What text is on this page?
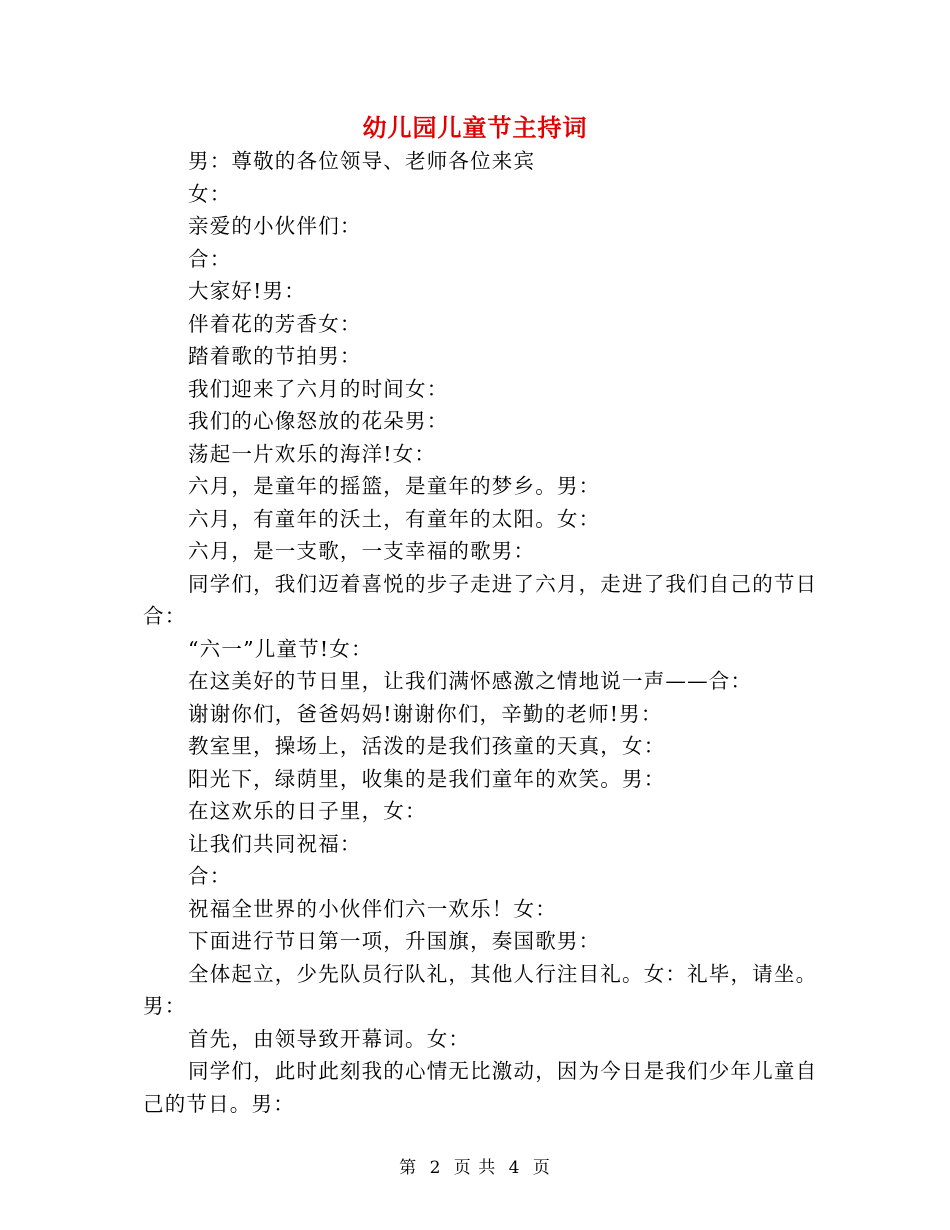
幼儿园儿童节主持词

男：尊敬的各位领导、老师各位来宾

女：

亲爱的小伙伴们：

合：

大家好!男：

伴着花的芳香女：

踏着歌的节拍男：

我们迎来了六月的时间女：

我们的心像怒放的花朵男：

荡起一片欢乐的海洋!女：

六月，是童年的摇篮，是童年的梦乡。男：

六月，有童年的沃土，有童年的太阳。女：

六月，是一支歌，一支幸福的歌男：

同学们，我们迈着喜悦的步子走进了六月，走进了我们自己的节日合：

“六一”儿童节!女：

在这美好的节日里，让我们满怀感激之情地说一声——合：

谢谢你们，爸爸妈妈!谢谢你们，辛勤的老师!男：

教室里，操场上，活泼的是我们孩童的天真，女：

阳光下，绿荫里，收集的是我们童年的欢笑。男：

在这欢乐的日子里，女：

让我们共同祝福：

合：

祝福全世界的小伙伴们六一欢乐！女：

下面进行节日第一项，升国旗，奏国歌男：

全体起立，少先队员行队礼，其他人行注目礼。女：礼毕，请坐。男：

首先，由领导致开幕词。女：

同学们，此时此刻我的心情无比激动，因为今日是我们少年儿童自己的节日。男：

第 2 页 共 4 页
